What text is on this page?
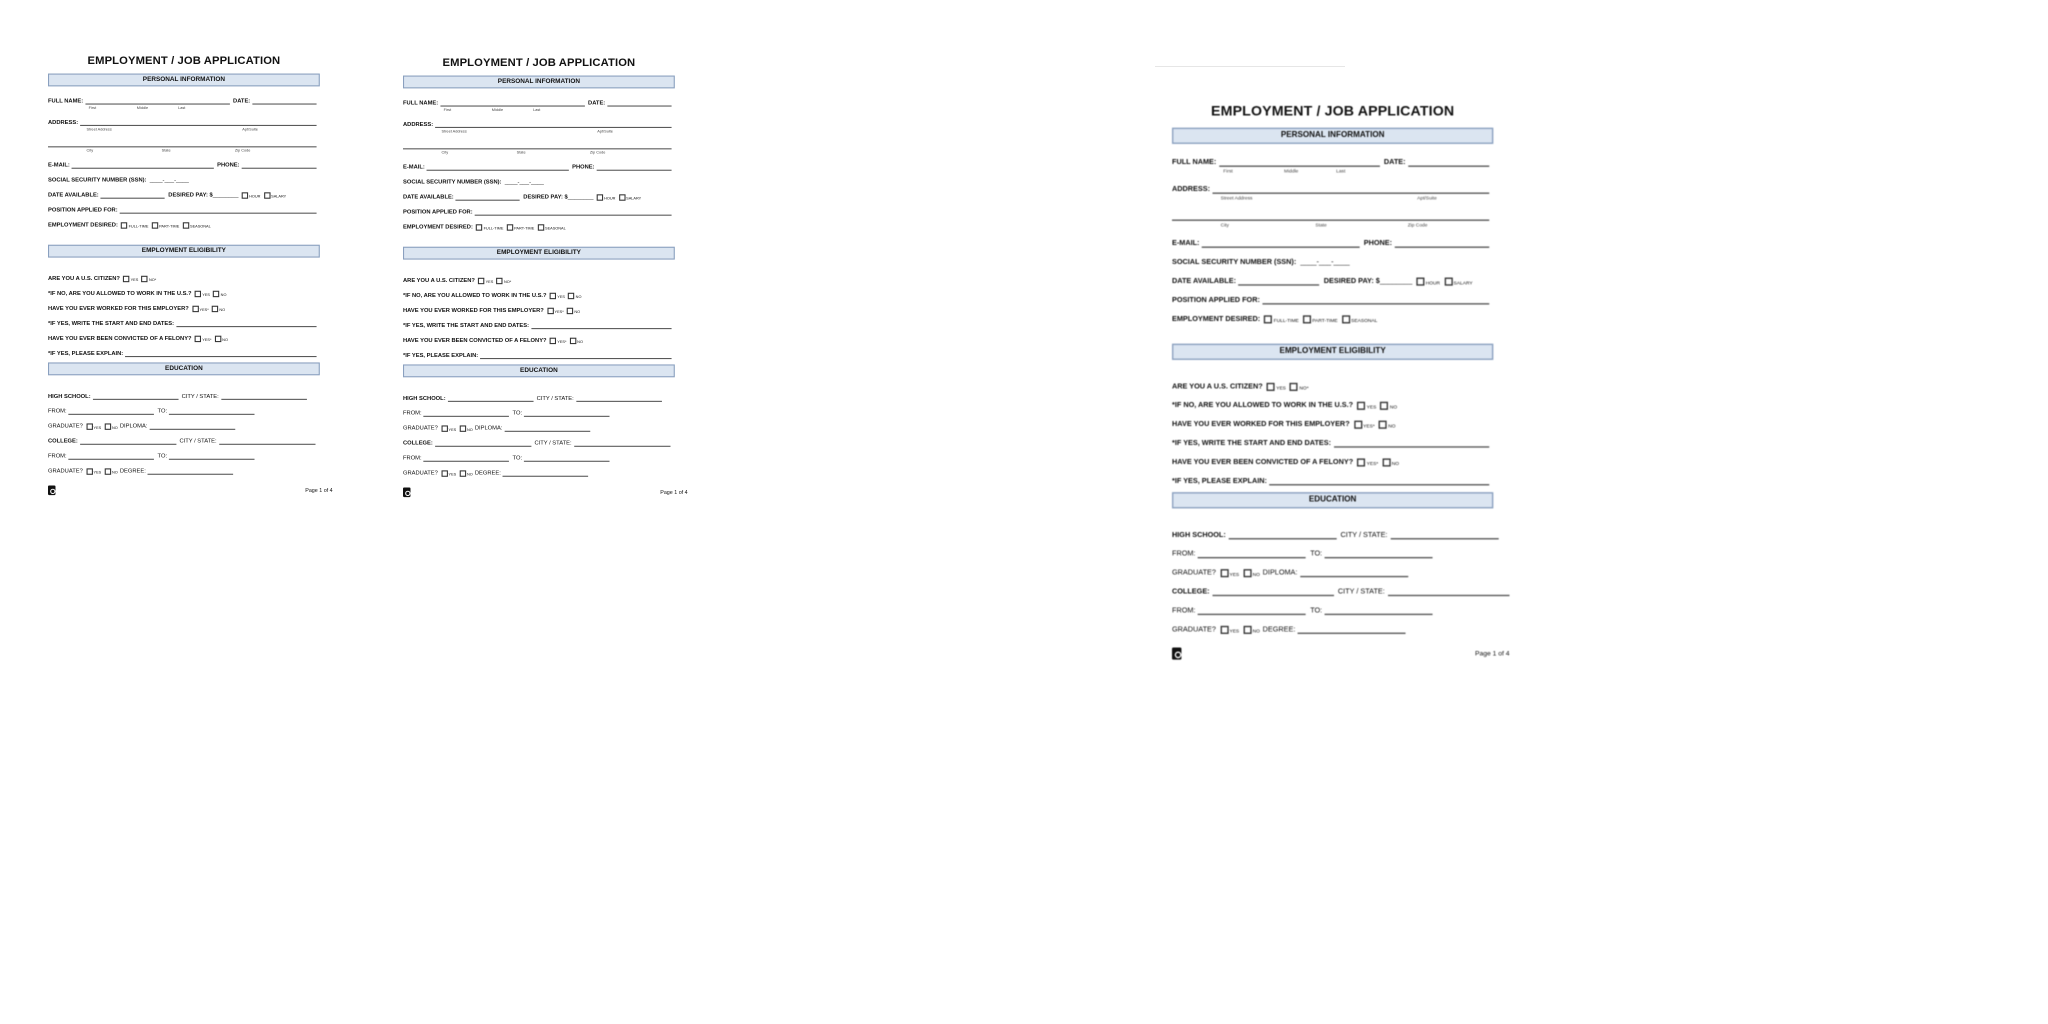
EMPLOYMENT / JOB APPLICATION
PERSONAL INFORMATION
FULL NAME:	DATE:
First	Middle	Last
ADDRESS:
Street Address	Apt/Suite
City	State	Zip Code
E-MAIL:	PHONE:
SOCIAL SECURITY NUMBER (SSN): ____-___-____
DATE AVAILABLE:	DESIRED PAY: $ ________	HOUR	SALARY
POSITION APPLIED FOR:
EMPLOYMENT DESIRED:	FULL-TIME	PART-TIME	SEASONAL
EMPLOYMENT ELIGIBILITY
ARE YOU A U.S. CITIZEN?	YES	NO*
*IF NO, ARE YOU ALLOWED TO WORK IN THE U.S.?	YES	NO
HAVE YOU EVER WORKED FOR THIS EMPLOYER?	YES*	NO
*IF YES, WRITE THE START AND END DATES:
HAVE YOU EVER BEEN CONVICTED OF A FELONY?	YES*	NO
*IF YES, PLEASE EXPLAIN:
EDUCATION
HIGH SCHOOL:	CITY / STATE:
FROM:	TO:
GRADUATE?	YES	NO DIPLOMA:
COLLEGE:	CITY / STATE:
FROM:	TO:
GRADUATE?	YES	NO DEGREE:
Page 1 of 4
EMPLOYMENT / JOB APPLICATION
PERSONAL INFORMATION
FULL NAME:	DATE:
First	Middle	Last
ADDRESS:
Street Address	Apt/Suite
City	State	Zip Code
E-MAIL:	PHONE:
SOCIAL SECURITY NUMBER (SSN): ____-___-____
DATE AVAILABLE:	DESIRED PAY: $ ________	HOUR	SALARY
POSITION APPLIED FOR:
EMPLOYMENT DESIRED:	FULL-TIME	PART-TIME	SEASONAL
EMPLOYMENT ELIGIBILITY
ARE YOU A U.S. CITIZEN?	YES	NO*
*IF NO, ARE YOU ALLOWED TO WORK IN THE U.S.?	YES	NO
HAVE YOU EVER WORKED FOR THIS EMPLOYER?	YES*	NO
*IF YES, WRITE THE START AND END DATES:
HAVE YOU EVER BEEN CONVICTED OF A FELONY?	YES*	NO
*IF YES, PLEASE EXPLAIN:
EDUCATION
HIGH SCHOOL:	CITY / STATE:
FROM:	TO:
GRADUATE?	YES	NO DIPLOMA:
COLLEGE:	CITY / STATE:
FROM:	TO:
GRADUATE?	YES	NO DEGREE:
Page 1 of 4
EMPLOYMENT / JOB APPLICATION
PERSONAL INFORMATION
FULL NAME:	DATE:
First	Middle	Last
ADDRESS:
Street Address	Apt/Suite
City	State	Zip Code
E-MAIL:	PHONE:
SOCIAL SECURITY NUMBER (SSN): ____-___-____
DATE AVAILABLE:	DESIRED PAY: $ ________	HOUR	SALARY
POSITION APPLIED FOR:
EMPLOYMENT DESIRED:	FULL-TIME	PART-TIME	SEASONAL
EMPLOYMENT ELIGIBILITY
ARE YOU A U.S. CITIZEN?	YES	NO*
*IF NO, ARE YOU ALLOWED TO WORK IN THE U.S.?	YES	NO
HAVE YOU EVER WORKED FOR THIS EMPLOYER?	YES*	NO
*IF YES, WRITE THE START AND END DATES:
HAVE YOU EVER BEEN CONVICTED OF A FELONY?	YES*	NO
*IF YES, PLEASE EXPLAIN:
EDUCATION
HIGH SCHOOL:	CITY / STATE:
FROM:	TO:
GRADUATE?	YES	NO DIPLOMA:
COLLEGE:	CITY / STATE:
FROM:	TO:
GRADUATE?	YES	NO DEGREE:
Page 1 of 4
